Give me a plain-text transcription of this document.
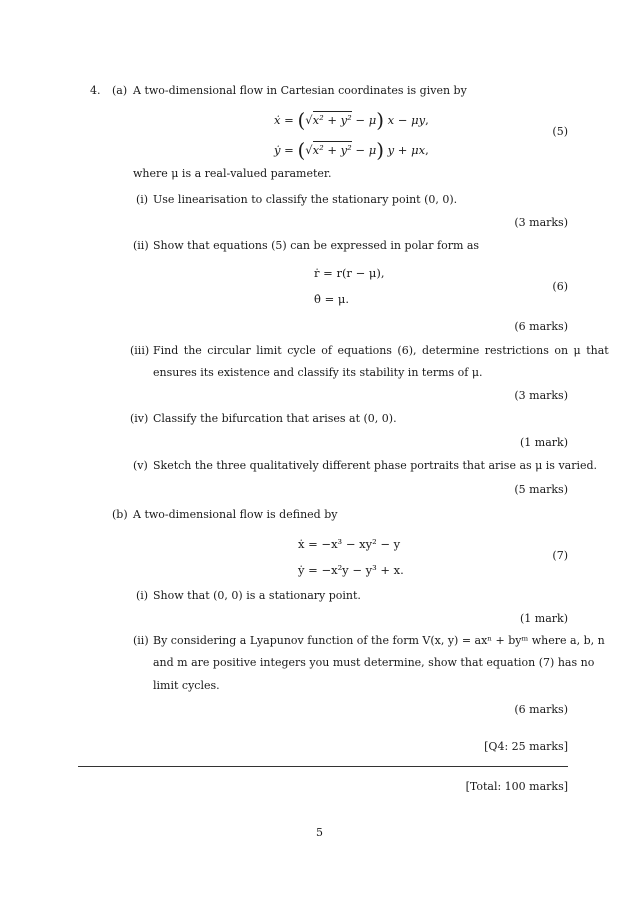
4. (a) A two-dimensional flow in Cartesian coordinates is given by
ẋ = (√x² + y² − μ) x − μy,
ẏ = (√x² + y² − μ) y + μx,
(5)
where μ is a real-valued parameter.
(i) Use linearisation to classify the stationary point (0, 0).
(3 marks)
(ii) Show that equations (5) can be expressed in polar form as
ṙ = r(r − μ),
θ̇ = μ.
(6)
(6 marks)
(iii) Find the circular limit cycle of equations (6), determine restrictions on μ that
ensures its existence and classify its stability in terms of μ.
(3 marks)
(iv) Classify the bifurcation that arises at (0, 0).
(1 mark)
(v) Sketch the three qualitatively different phase portraits that arise as μ is varied.
(5 marks)
(b) A two-dimensional flow is defined by
ẋ = −x³ − xy² − y
ẏ = −x²y − y³ + x.
(7)
(i) Show that (0, 0) is a stationary point.
(1 mark)
(ii) By considering a Lyapunov function of the form V(x, y) = axⁿ + byᵐ where a, b, n
and m are positive integers you must determine, show that equation (7) has no
limit cycles.
(6 marks)
[Q4: 25 marks]
[Total: 100 marks]
5
